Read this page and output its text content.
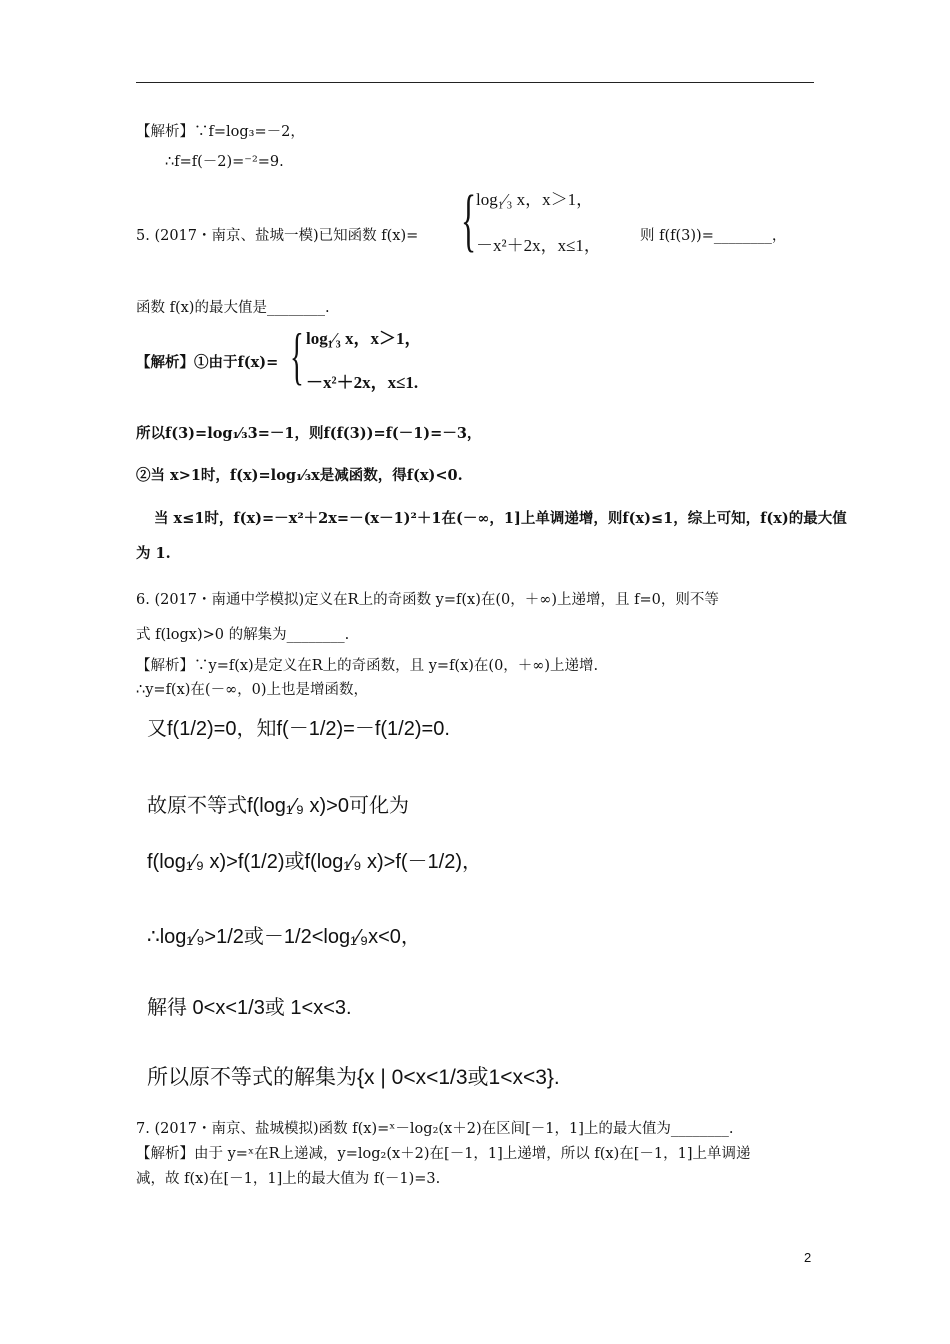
【解析】∵f=log₃=－2，
∴f=f(－2)=⁻²=9.
5. (2017・南京、盐城一模)已知函数 f(x)= { log₁⁄₃ x，x＞1，
－x²＋2x，x≤1，	则 f(f(3))=________，
函数 f(x)的最大值是________.
【解析】①由于f(x)= { log₁⁄₃ x，x＞1，
－x²＋2x，x≤1.
所以f(3)=log₁⁄₃3=－1，则f(f(3))=f(－1)=－3，
②当 x>1时，f(x)=log₁⁄₃x是减函数，得f(x)<0.
当 x≤1时，f(x)=－x²＋2x=－(x－1)²＋1在(－∞，1]上单调递增，则f(x)≤1，综上可知，f(x)的最大值
为 1.
6. (2017・南通中学模拟)定义在R上的奇函数 y=f(x)在(0，＋∞)上递增，且 f=0，则不等
式 f(logx)>0 的解集为________.
【解析】∵y=f(x)是定义在R上的奇函数，且 y=f(x)在(0，＋∞)上递增.
∴y=f(x)在(－∞，0)上也是增函数，
又f(1/2)=0，知f(－1/2)=－f(1/2)=0.
故原不等式f(log₁⁄₉ x)>0可化为
f(log₁⁄₉ x)>f(1/2)或f(log₁⁄₉ x)>f(－1/2)，
∴log₁⁄₉>1/2或－1/2<log₁⁄₉x<0，
解得 0<x<1/3或 1<x<3.
所以原不等式的解集为{x | 0<x<1/3或1<x<3}.
7. (2017・南京、盐城模拟)函数 f(x)=ˣ－log₂(x＋2)在区间[－1，1]上的最大值为________.
【解析】由于 y=ˣ在R上递减，y=log₂(x＋2)在[－1，1]上递增，所以 f(x)在[－1，1]上单调递
减，故 f(x)在[－1，1]上的最大值为 f(－1)=3.
2
